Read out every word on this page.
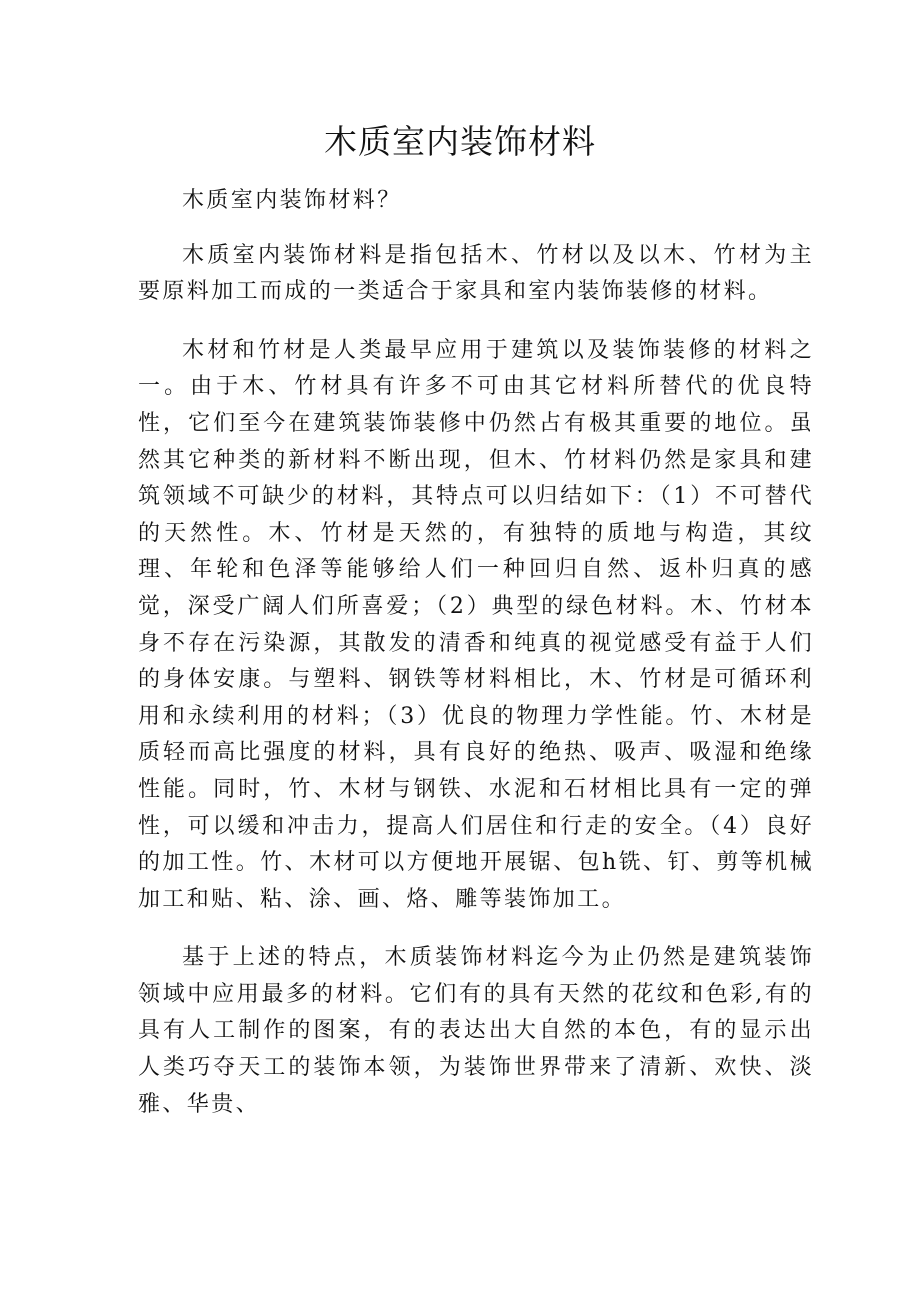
木质室内装饰材料

木质室内装饰材料？

木质室内装饰材料是指包括木、竹材以及以木、竹材为主要原料加工而成的一类适合于家具和室内装饰装修的材料。

木材和竹材是人类最早应用于建筑以及装饰装修的材料之一。由于木、竹材具有许多不可由其它材料所替代的优良特性，它们至今在建筑装饰装修中仍然占有极其重要的地位。虽然其它种类的新材料不断出现，但木、竹材料仍然是家具和建筑领域不可缺少的材料，其特点可以归结如下：（1）不可替代的天然性。木、竹材是天然的，有独特的质地与构造，其纹理、年轮和色泽等能够给人们一种回归自然、返朴归真的感觉，深受广阔人们所喜爱；（2）典型的绿色材料。木、竹材本身不存在污染源，其散发的清香和纯真的视觉感受有益于人们的身体安康。与塑料、钢铁等材料相比，木、竹材是可循环利用和永续利用的材料；（3）优良的物理力学性能。竹、木材是质轻而高比强度的材料，具有良好的绝热、吸声、吸湿和绝缘性能。同时，竹、木材与钢铁、水泥和石材相比具有一定的弹性，可以缓和冲击力，提高人们居住和行走的安全。（4）良好的加工性。竹、木材可以方便地开展锯、包h铣、钉、剪等机械加工和贴、粘、涂、画、烙、雕等装饰加工。

基于上述的特点，木质装饰材料迄今为止仍然是建筑装饰领域中应用最多的材料。它们有的具有天然的花纹和色彩,有的具有人工制作的图案，有的表达出大自然的本色，有的显示出人类巧夺天工的装饰本领，为装饰世界带来了清新、欢快、淡雅、华贵、
